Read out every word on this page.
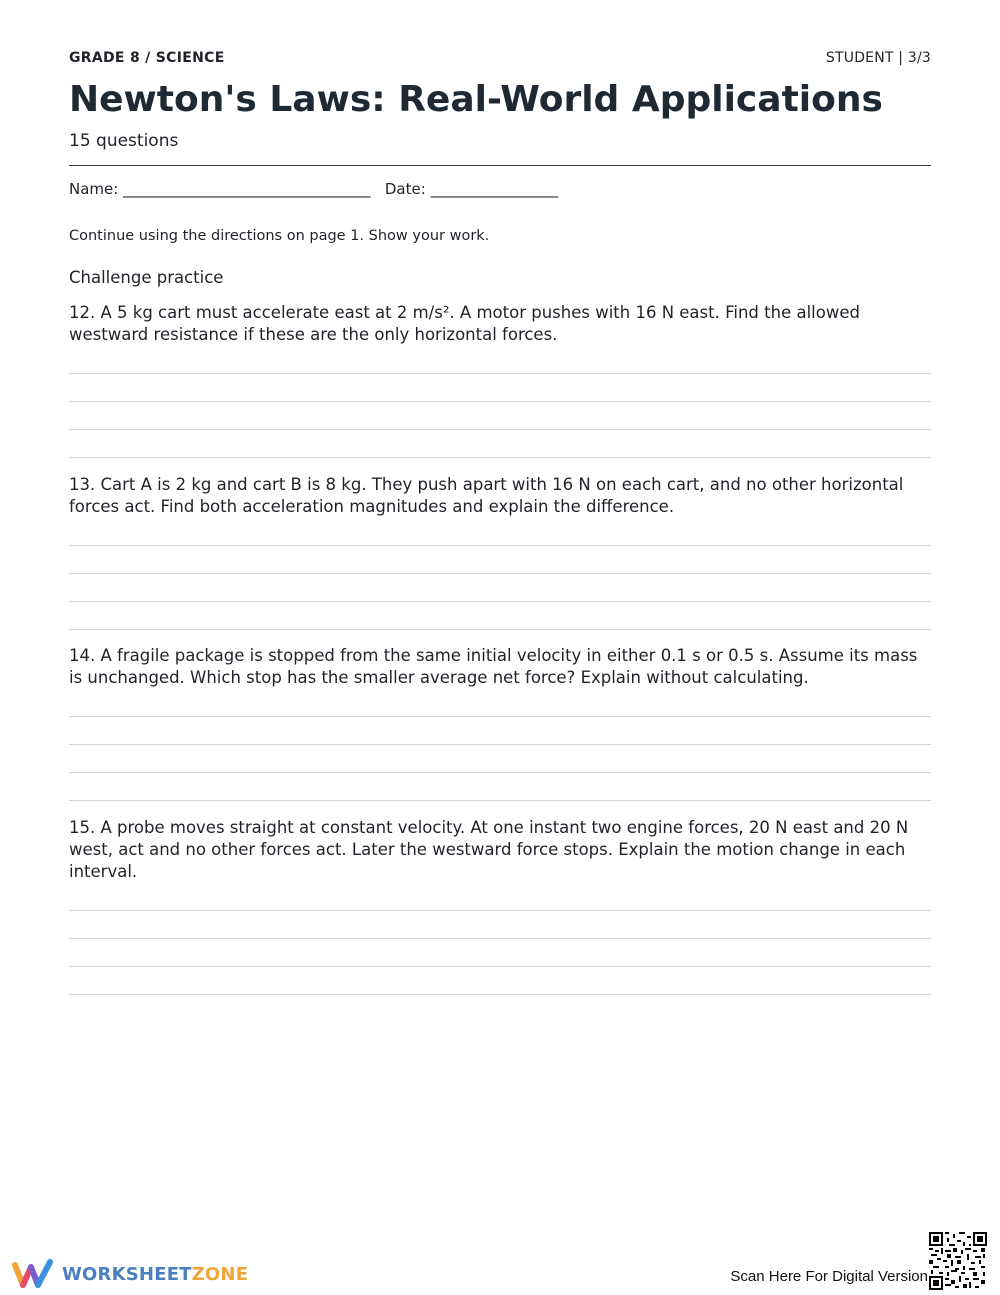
GRADE 8 / SCIENCE	STUDENT | 3/3
Newton's Laws: Real-World Applications
15 questions
Name: _________________________________   Date: _________________
Continue using the directions on page 1. Show your work.
Challenge practice

12. A 5 kg cart must accelerate east at 2 m/s². A motor pushes with 16 N east. Find the allowed westward resistance if these are the only horizontal forces.

13. Cart A is 2 kg and cart B is 8 kg. They push apart with 16 N on each cart, and no other horizontal forces act. Find both acceleration magnitudes and explain the difference.

14. A fragile package is stopped from the same initial velocity in either 0.1 s or 0.5 s. Assume its mass is unchanged. Which stop has the smaller average net force? Explain without calculating.

15. A probe moves straight at constant velocity. At one instant two engine forces, 20 N east and 20 N west, act and no other forces act. Later the westward force stops. Explain the motion change in each interval.

WORKSHEETZONE	Scan Here For Digital Version
